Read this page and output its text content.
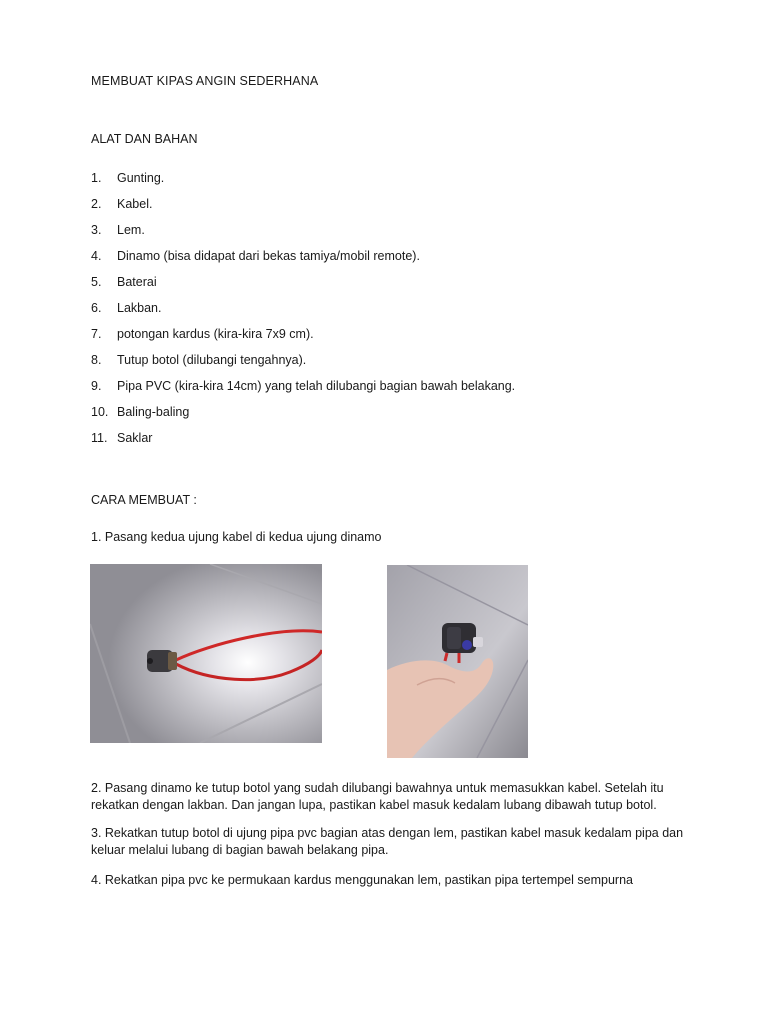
MEMBUAT KIPAS ANGIN SEDERHANA
ALAT DAN BAHAN
1.	Gunting.
2.	Kabel.
3.	Lem.
4.	Dinamo (bisa didapat dari bekas tamiya/mobil remote).
5.	Baterai
6.	Lakban.
7.	potongan kardus (kira-kira 7x9 cm).
8.	Tutup botol (dilubangi tengahnya).
9.	Pipa PVC (kira-kira 14cm) yang telah dilubangi bagian bawah belakang.
10. Baling-baling
11. Saklar
CARA MEMBUAT :
1. Pasang kedua ujung kabel di kedua ujung dinamo
2. Pasang dinamo ke tutup botol yang sudah dilubangi bawahnya untuk memasukkan kabel. Setelah itu rekatkan dengan lakban. Dan jangan lupa, pastikan kabel masuk kedalam lubang dibawah tutup botol.
3. Rekatkan tutup botol di ujung pipa pvc bagian atas dengan lem, pastikan kabel masuk kedalam pipa dan keluar melalui lubang di bagian bawah belakang pipa.
4. Rekatkan pipa pvc ke permukaan kardus menggunakan lem, pastikan pipa tertempel sempurna
